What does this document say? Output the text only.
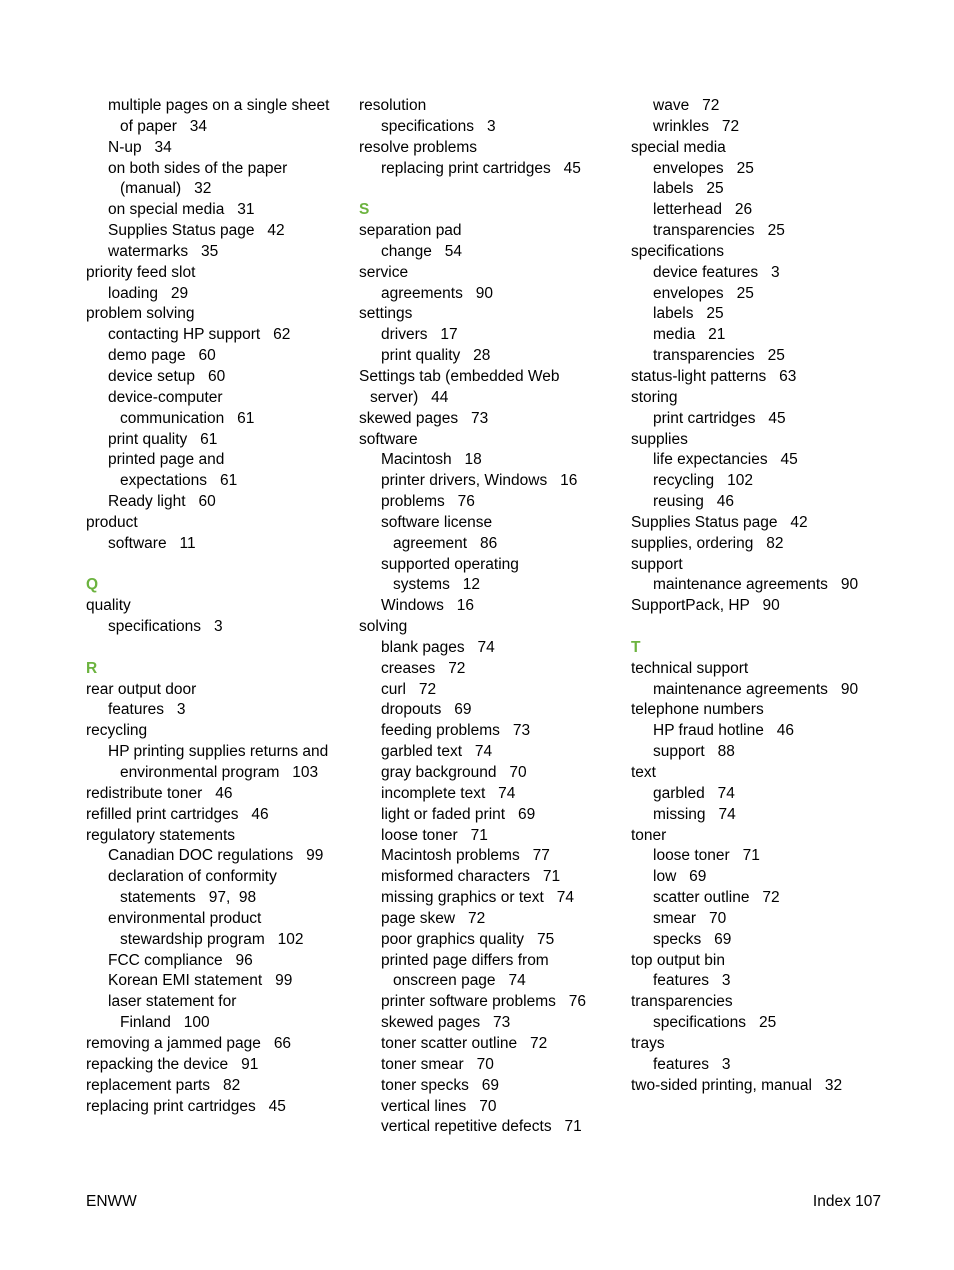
multiple pages on a single sheet
of paper   34
N-up   34
on both sides of the paper
(manual)   32
on special media   31
Supplies Status page   42
watermarks   35
priority feed slot
loading   29
problem solving
contacting HP support   62
demo page   60
device setup   60
device-computer
communication   61
print quality   61
printed page and
expectations   61
Ready light   60
product
software   11
Q
quality
specifications   3
R
rear output door
features   3
recycling
HP printing supplies returns and
environmental program   103
redistribute toner   46
refilled print cartridges   46
regulatory statements
Canadian DOC regulations   99
declaration of conformity
statements   97,  98
environmental product
stewardship program   102
FCC compliance   96
Korean EMI statement   99
laser statement for
Finland   100
removing a jammed page   66
repacking the device   91
replacement parts   82
replacing print cartridges   45
resolution
specifications   3
resolve problems
replacing print cartridges   45
S
separation pad
change   54
service
agreements   90
settings
drivers   17
print quality   28
Settings tab (embedded Web
server)   44
skewed pages   73
software
Macintosh   18
printer drivers, Windows   16
problems   76
software license
agreement   86
supported operating
systems   12
Windows   16
solving
blank pages   74
creases   72
curl   72
dropouts   69
feeding problems   73
garbled text   74
gray background   70
incomplete text   74
light or faded print   69
loose toner   71
Macintosh problems   77
misformed characters   71
missing graphics or text   74
page skew   72
poor graphics quality   75
printed page differs from
onscreen page   74
printer software problems   76
skewed pages   73
toner scatter outline   72
toner smear   70
toner specks   69
vertical lines   70
vertical repetitive defects   71
wave   72
wrinkles   72
special media
envelopes   25
labels   25
letterhead   26
transparencies   25
specifications
device features   3
envelopes   25
labels   25
media   21
transparencies   25
status-light patterns   63
storing
print cartridges   45
supplies
life expectancies   45
recycling   102
reusing   46
Supplies Status page   42
supplies, ordering   82
support
maintenance agreements   90
SupportPack, HP   90
T
technical support
maintenance agreements   90
telephone numbers
HP fraud hotline   46
support   88
text
garbled   74
missing   74
toner
loose toner   71
low   69
scatter outline   72
smear   70
specks   69
top output bin
features   3
transparencies
specifications   25
trays
features   3
two-sided printing, manual   32
ENWW	Index 107
